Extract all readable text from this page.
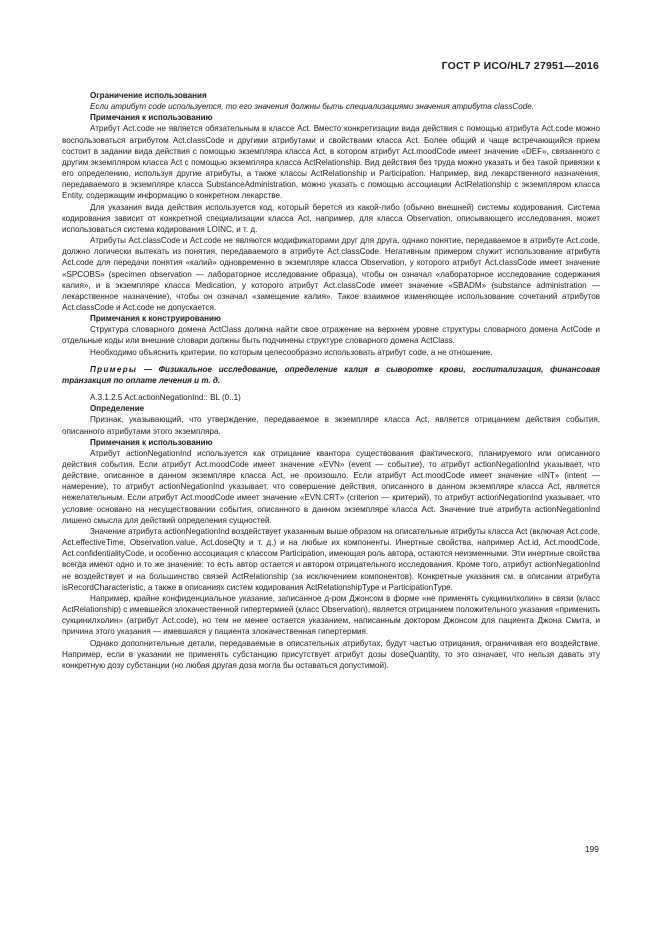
ГОСТ Р ИСО/HL7 27951—2016

Ограничение использования

Если атрибут code используется, то его значения должны быть специализациями значения атрибута classCode.

Примечания к использованию

Атрибут Act.code не является обязательным в классе Act. Вместо конкретизации вида действия с помощью атрибута Act.code можно воспользоваться атрибутом Act.classCode и другими атрибутами и свойствами класса Act. Более общий и чаще встречающийся прием состоит в задании вида действия с помощью экземпляра класса Act, в котором атрибут Act.moodCode имеет значение «DEF», связанного с другим экземпляром класса Act с помощью экземпляра класса ActRelationship. Вид действия без труда можно указать и без такой привязки к его определению, используя другие атрибуты, а также классы ActRelationship и Participation. Например, вид лекарственного назначения, передаваемого в экземпляре класса SubstanceAdministration, можно указать с помощью ассоциации ActRelationship с экземпляром класса Entity, содержащим информацию о конкретном лекарстве.

Для указания вида действия используется код, который берется из какой-либо (обычно внешней) системы кодирования. Система кодирования зависит от конкретной специализации класса Act, например, для класса Observation, описывающего исследования, может использоваться система кодирования LOINC, и т. д.

Атрибуты Act.classCode и Act.code не являются модификаторами друг для друга, однако понятие, передаваемое в атрибуте Act.code, должно логически вытекать из понятия, передаваемого в атрибуте Act.classCode. Негативным примером служит использование атрибута Act.code для передачи понятия «калий» одновременно в экземпляре класса Observation, у которого атрибут Act.classCode имеет значение «SPCOBS» (specimen observation — лабораторное исследование образца), чтобы он означал «лабораторное исследование содержания калия», и в экземпляре класса Medication, у которого атрибут Act.classCode имеет значение «SBADM» (substance administration — лекарственное назначение), чтобы он означал «замещение калия». Такое взаимное изменяющее использование сочетаний атрибутов Act.classCode и Act.code не допускается.

Примечания к конструированию

Структура словарного домена ActClass должна найти свое отражение на верхнем уровне структуры словарного домена ActCode и отдельные коды или внешние словари должны быть подчинены структуре словарного домена ActClass.

Необходимо объяснить критерии, по которым целесообразно использовать атрибут code, а не отношение.

Примеры — Физикальное исследование, определение калия в сыворотке крови, госпитализация, финансовая транзакция по оплате лечения и т. д.

A.3.1.2.5 Act.actionNegationInd:: BL (0..1)

Определение

Признак, указывающий, что утверждение, передаваемое в экземпляре класса Act, является отрицанием действия события, описанного атрибутами этого экземпляра.

Примечания к использованию

Атрибут actionNegationInd используется как отрицание квантора существования фактического, планируемого или описанного действия события. Если атрибут Act.moodCode имеет значение «EVN» (event — событие), то атрибут actionNegationInd указывает, что действие, описанное в данном экземпляре класса Act, не произошло. Если атрибут Act.moodCode имеет значение «INT» (intent — намерение), то атрибут actionNegationInd указывает, что совершение действия, описанного в данном экземпляре класса Act, является нежелательным. Если атрибут Act.moodCode имеет значение «EVN.CRT» (criterion — критерий), то атрибут actionNegationInd указывает, что условие основано на несуществовании события, описанного в данном экземпляре класса Act. Значение true атрибута actionNegationInd лишено смысла для действий определения сущностей.

Значение атрибута actionNegationInd воздействует указанным выше образом на описательные атрибуты класса Act (включая Act.code, Act.effectiveTime, Observation.value, Act.doseQty и т. д.) и на любые их компоненты. Инертные свойства, например Act.id, Act.moodCode, Act.confidentialityCode, и особенно ассоциация с классом Participation, имеющая роль автора, остаются неизменными. Эти инертные свойства всегда имеют одно и то же значение: то есть автор остается и автором отрицательного исследования. Кроме того, атрибут actionNegationInd не воздействует и на большинство связей ActRelationship (за исключением компонентов). Конкретные указания см. в описании атрибута isRecordCharacteristic, а также в описаниях систем кодирования ActRelationshipType и ParticipationType.

Например, крайне конфиденциальное указание, записанное д-ром Джонсом в форме «не применять сукцинилхолин» в связи (класс ActRelationship) с имевшейся злокачественной гипертермией (класс Observation), является отрицанием положительного указания «применить сукцинилхолин» (атрибут Act.code), но тем не менее остается указанием, написанным доктором Джонсом для пациента Джона Смита, и причина этого указания — имевшаяся у пациента злокачественная гипертермия.

Однако дополнительные детали, передаваемые в описательных атрибутах, будут частью отрицания, ограничивая его воздействие. Например, если в указании не применять субстанцию присутствует атрибут дозы doseQuantity, то это означает, что нельзя давать эту конкретную дозу субстанции (но любая другая доза могла бы оставаться допустимой).

199
